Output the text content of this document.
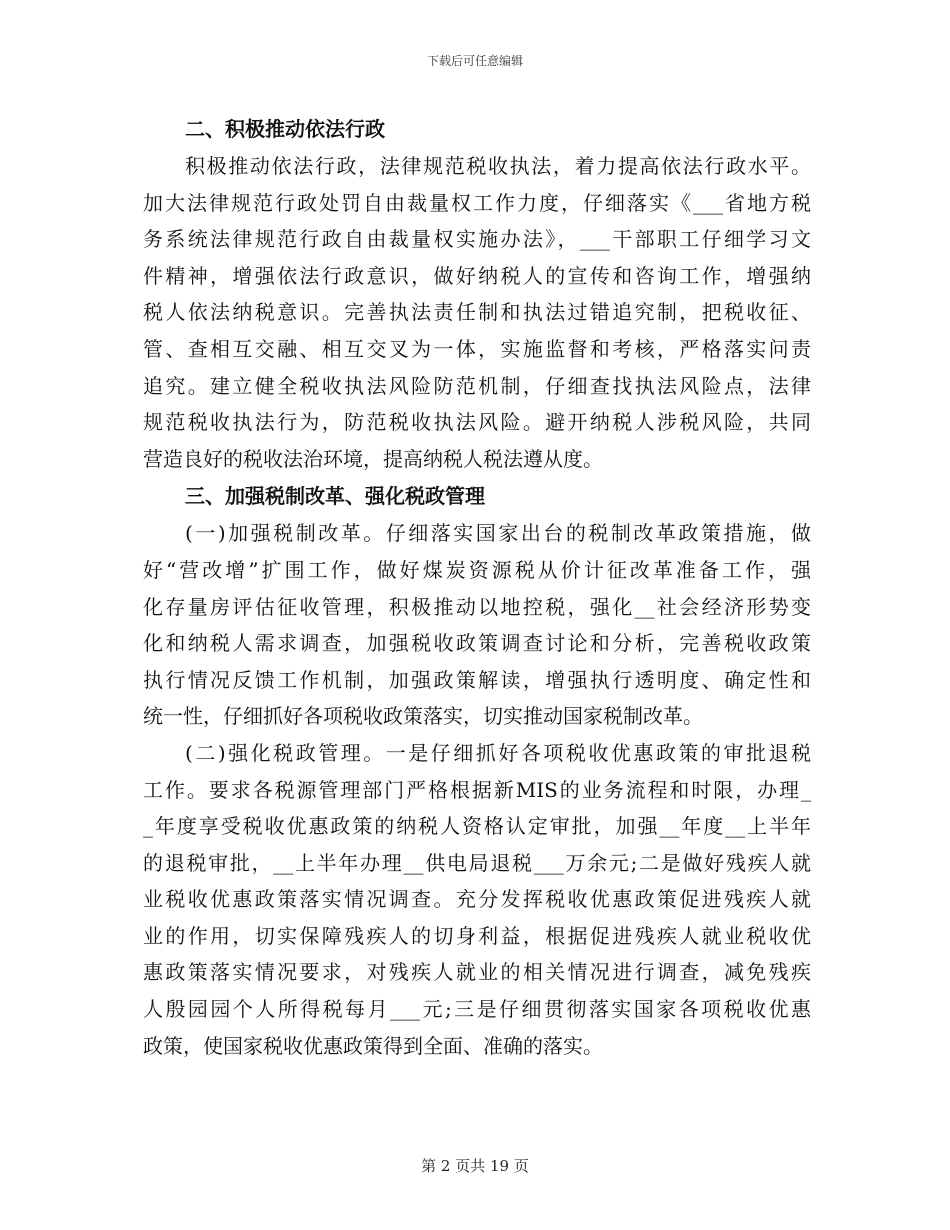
下载后可任意编辑
二、积极推动依法行政

积极推动依法行政，法律规范税收执法，着力提高依法行政水平。
加大法律规范行政处罚自由裁量权工作力度，仔细落实《___省地方税
务系统法律规范行政自由裁量权实施办法》，___干部职工仔细学习文
件精神，增强依法行政意识，做好纳税人的宣传和咨询工作，增强纳
税人依法纳税意识。完善执法责任制和执法过错追究制，把税收征、
管、查相互交融、相互交叉为一体，实施监督和考核，严格落实问责
追究。建立健全税收执法风险防范机制，仔细查找执法风险点，法律
规范税收执法行为，防范税收执法风险。避开纳税人涉税风险，共同
营造良好的税收法治环境，提高纳税人税法遵从度。

三、加强税制改革、强化税政管理

(一)加强税制改革。仔细落实国家出台的税制改革政策措施，做
好“营改增”扩围工作，做好煤炭资源税从价计征改革准备工作，强
化存量房评估征收管理，积极推动以地控税，强化__社会经济形势变
化和纳税人需求调查，加强税收政策调查讨论和分析，完善税收政策
执行情况反馈工作机制，加强政策解读，增强执行透明度、确定性和
统一性，仔细抓好各项税收政策落实，切实推动国家税制改革。

(二)强化税政管理。一是仔细抓好各项税收优惠政策的审批退税
工作。要求各税源管理部门严格根据新MIS的业务流程和时限，办理_
_年度享受税收优惠政策的纳税人资格认定审批，加强__年度__上半年
的退税审批，__上半年办理__供电局退税___万余元;二是做好残疾人就
业税收优惠政策落实情况调查。充分发挥税收优惠政策促进残疾人就
业的作用，切实保障残疾人的切身利益，根据促进残疾人就业税收优
惠政策落实情况要求，对残疾人就业的相关情况进行调查，减免残疾
人殷园园个人所得税每月___元;三是仔细贯彻落实国家各项税收优惠
政策，使国家税收优惠政策得到全面、准确的落实。

第 2 页共 19 页
